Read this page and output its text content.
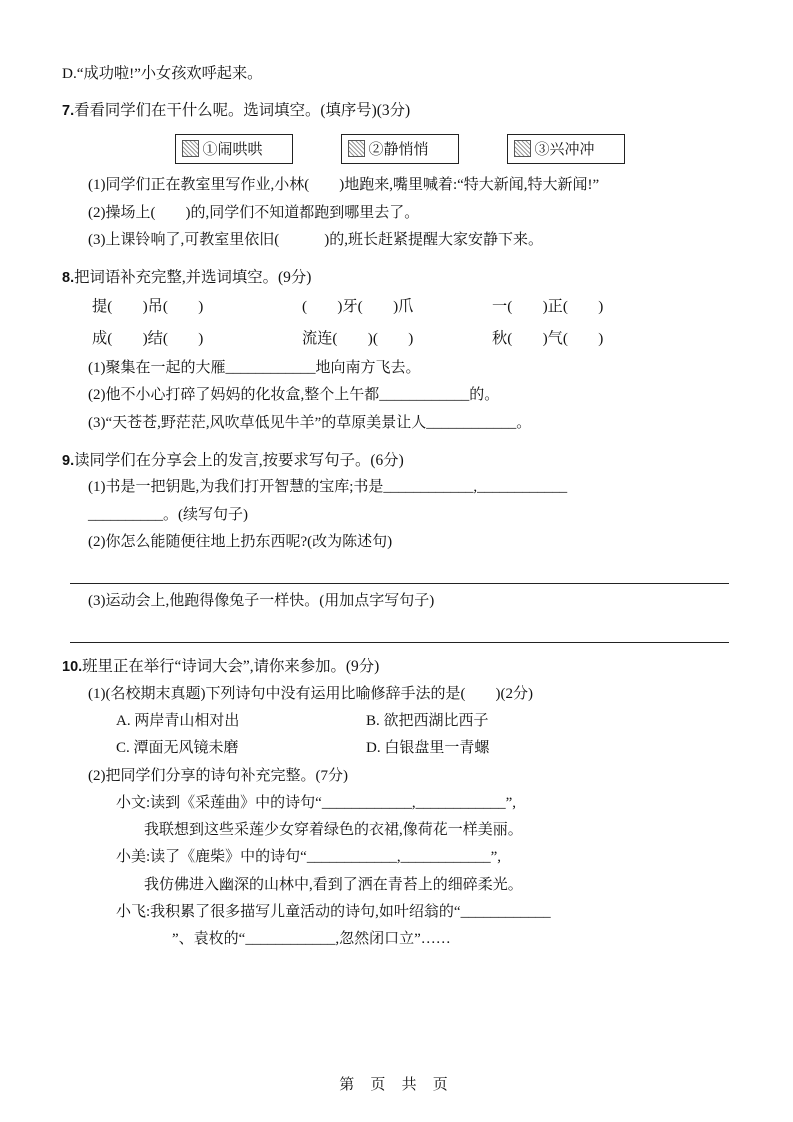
D.“成功啦!”小女孩欢呼起来。
7.看看同学们在干什么呢。选词填空。(填序号)(3分)
①闹哄哄	②静悄悄	③兴冲冲
(1)同学们正在教室里写作业,小林(　　)地跑来,嘴里喊着:“特大新闻,特大新闻!”
(2)操场上(　　)的,同学们不知道都跑到哪里去了。
(3)上课铃响了,可教室里依旧(　　　)的,班长赶紧提醒大家安静下来。
8.把词语补充完整,并选词填空。(9分)
提(　　)吊(　　)	(　　)牙(　　)爪	一(　　)正(　　)
成(　　)结(　　)	流连(　　)(　　)	秋(　　)气(　　)
(1)聚集在一起的大雁____________地向南方飞去。
(2)他不小心打碎了妈妈的化妆盒,整个上午都____________的。
(3)“天苍苍,野茫茫,风吹草低见牛羊”的草原美景让人____________。
9.读同学们在分享会上的发言,按要求写句子。(6分)
(1)书是一把钥匙,为我们打开智慧的宝库;书是____________,____________
__________。(续写句子)
(2)你怎么能随便往地上扔东西呢?(改为陈述句)
(3)运动会上,他跑得像兔子一样快。(用加点字写句子)
10.班里正在举行“诗词大会”,请你来参加。(9分)
(1)(名校期末真题)下列诗句中没有运用比喻修辞手法的是(　　)(2分)
A. 两岸青山相对出	B. 欲把西湖比西子
C. 潭面无风镜未磨	D. 白银盘里一青螺
(2)把同学们分享的诗句补充完整。(7分)
小文:读到《采莲曲》中的诗句“____________,____________”,
我联想到这些采莲少女穿着绿色的衣裙,像荷花一样美丽。
小美:读了《鹿柴》中的诗句“____________,____________”,
我仿佛进入幽深的山林中,看到了洒在青苔上的细碎柔光。
小飞:我积累了很多描写儿童活动的诗句,如叶绍翁的“____________
”、袁枚的“____________,忽然闭口立”……
第 页 共 页
